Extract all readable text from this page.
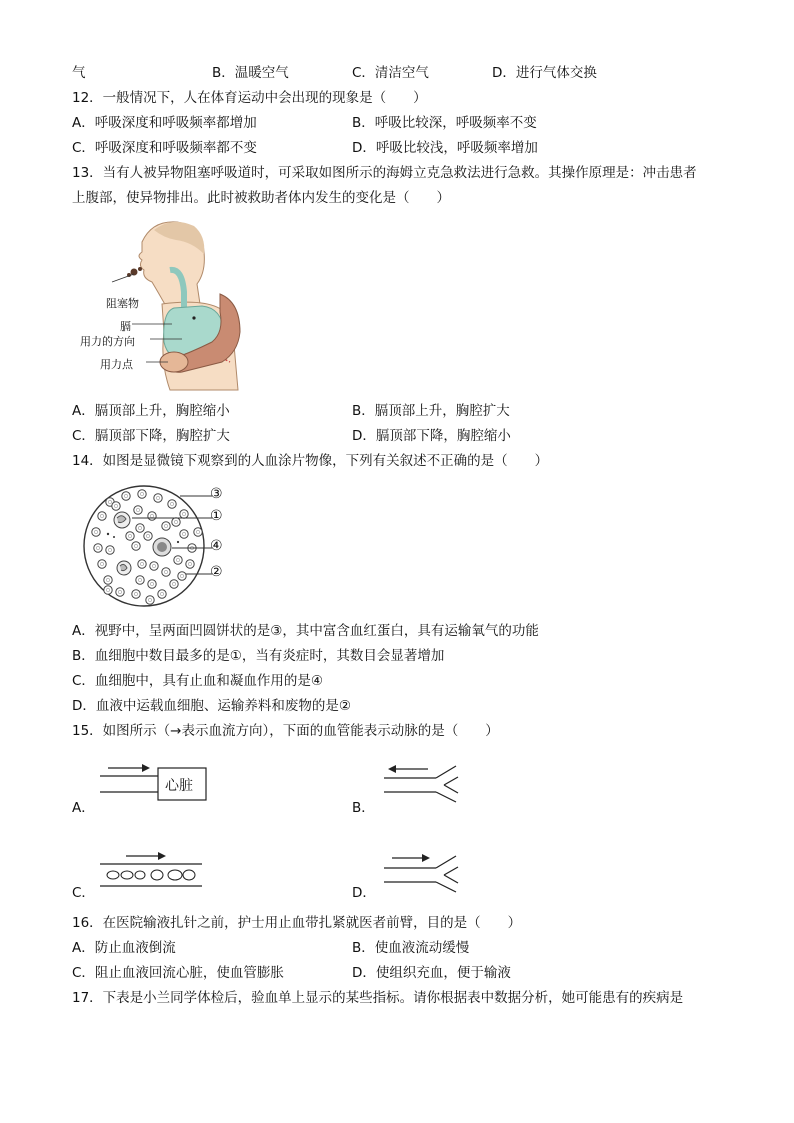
气	B．温暖空气	C．清洁空气	D．进行气体交换
12．一般情况下，人在体育运动中会出现的现象是（　　）
A．呼吸深度和呼吸频率都增加	B．呼吸比较深，呼吸频率不变
C．呼吸深度和呼吸频率都不变	D．呼吸比较浅，呼吸频率增加
13．当有人被异物阻塞呼吸道时，可采取如图所示的海姆立克急救法进行急救。其操作原理是：冲击患者
上腹部，使异物排出。此时被救助者体内发生的变化是（　　）
阻塞物
膈
用力的方向
用力点
A．膈顶部上升，胸腔缩小	B．膈顶部上升，胸腔扩大
C．膈顶部下降，胸腔扩大	D．膈顶部下降，胸腔缩小
14．如图是显微镜下观察到的人血涂片物像，下列有关叙述不正确的是（　　）
③
①
④
②
A．视野中，呈两面凹圆饼状的是③，其中富含血红蛋白，具有运输氧气的功能
B．血细胞中数目最多的是①，当有炎症时，其数目会显著增加
C．血细胞中，具有止血和凝血作用的是④
D．血液中运载血细胞、运输养料和废物的是②
15．如图所示（→表示血流方向），下面的血管能表示动脉的是（　　）
心脏
A．	B．
C．	D．
16．在医院输液扎针之前，护士用止血带扎紧就医者前臂，目的是（　　）
A．防止血液倒流	B．使血液流动缓慢
C．阻止血液回流心脏，使血管膨胀	D．使组织充血，便于输液
17．下表是小兰同学体检后，验血单上显示的某些指标。请你根据表中数据分析，她可能患有的疾病是
